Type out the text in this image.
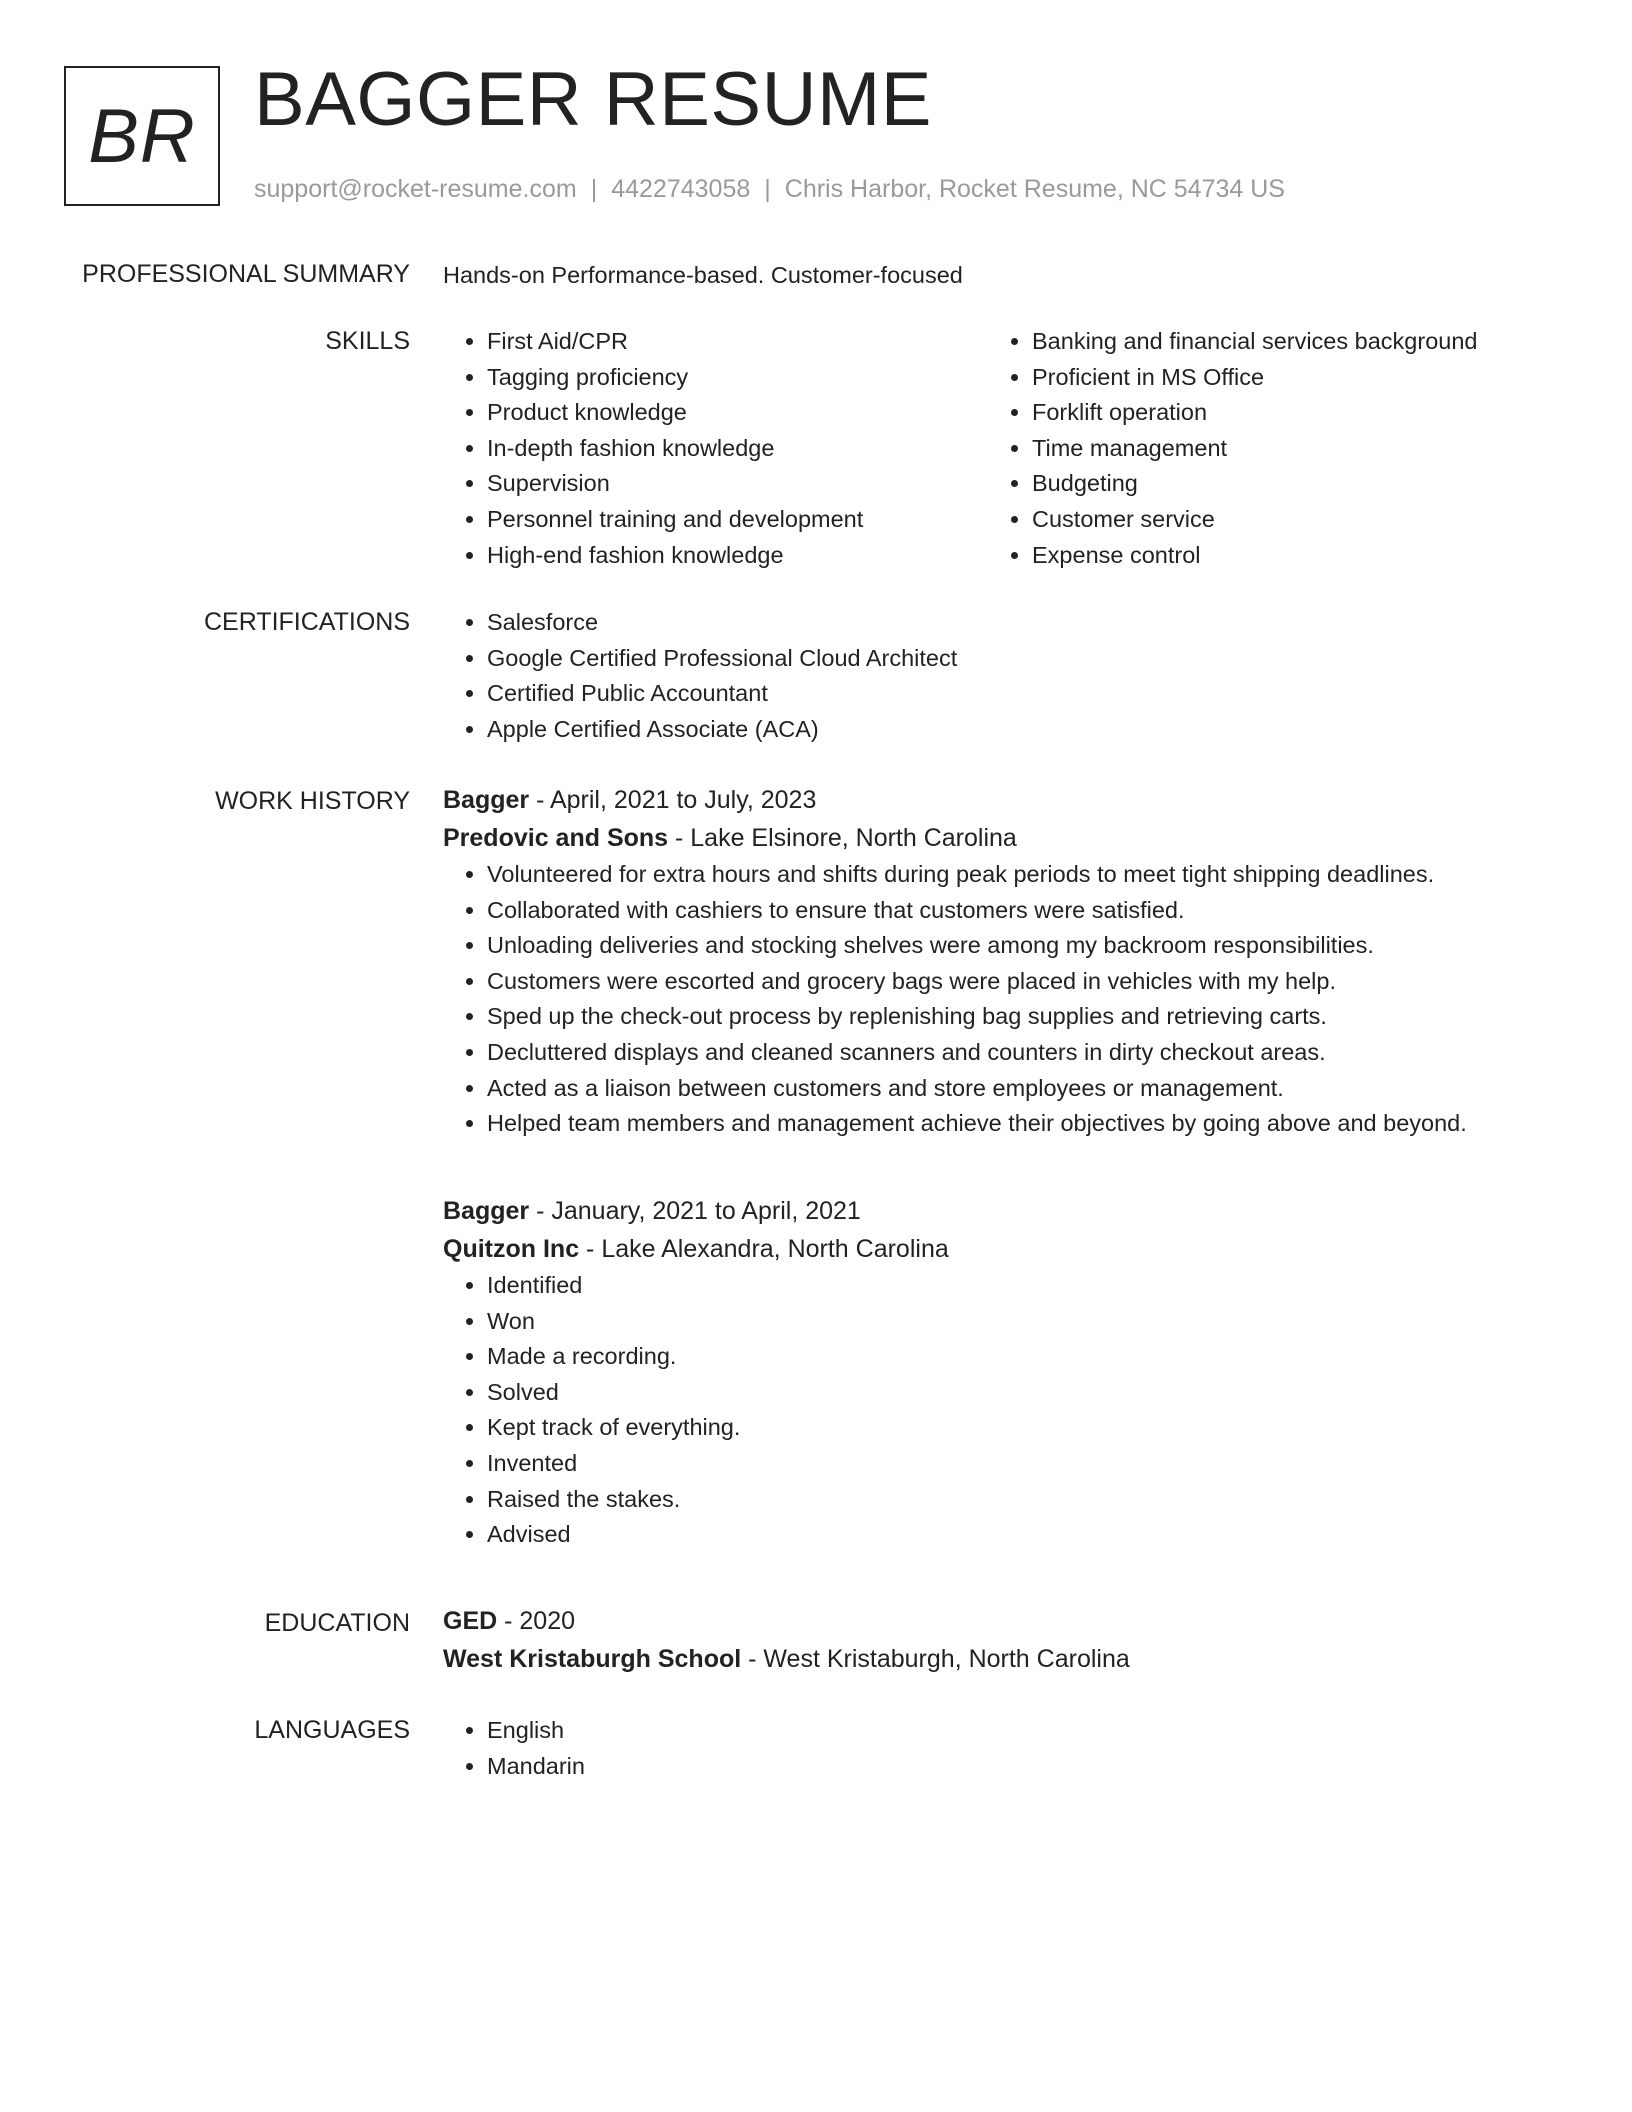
BR BAGGER RESUME
support@rocket-resume.com | 4422743058 | Chris Harbor, Rocket Resume, NC 54734 US
PROFESSIONAL SUMMARY Hands-on Performance-based. Customer-focused
SKILLS	• First Aid/CPR
• Tagging proficiency
• Product knowledge
• In-depth fashion knowledge
• Supervision
• Personnel training and development
• High-end fashion knowledge
• Banking and financial services background
• Proficient in MS Office
• Forklift operation
• Time management
• Budgeting
• Customer service
• Expense control
CERTIFICATIONS	• Salesforce
• Google Certified Professional Cloud Architect
• Certified Public Accountant
• Apple Certified Associate (ACA)
WORK HISTORY Bagger - April, 2021 to July, 2023
Predovic and Sons - Lake Elsinore, North Carolina
• Volunteered for extra hours and shifts during peak periods to meet tight shipping deadlines.
• Collaborated with cashiers to ensure that customers were satisfied.
• Unloading deliveries and stocking shelves were among my backroom responsibilities.
• Customers were escorted and grocery bags were placed in vehicles with my help.
• Sped up the check-out process by replenishing bag supplies and retrieving carts.
• Decluttered displays and cleaned scanners and counters in dirty checkout areas.
• Acted as a liaison between customers and store employees or management.
• Helped team members and management achieve their objectives by going above and beyond.
Bagger - January, 2021 to April, 2021
Quitzon Inc - Lake Alexandra, North Carolina
• Identified
• Won
• Made a recording.
• Solved
• Kept track of everything.
• Invented
• Raised the stakes.
• Advised
EDUCATION GED - 2020
West Kristaburgh School - West Kristaburgh, North Carolina
LANGUAGES	• English
• Mandarin
